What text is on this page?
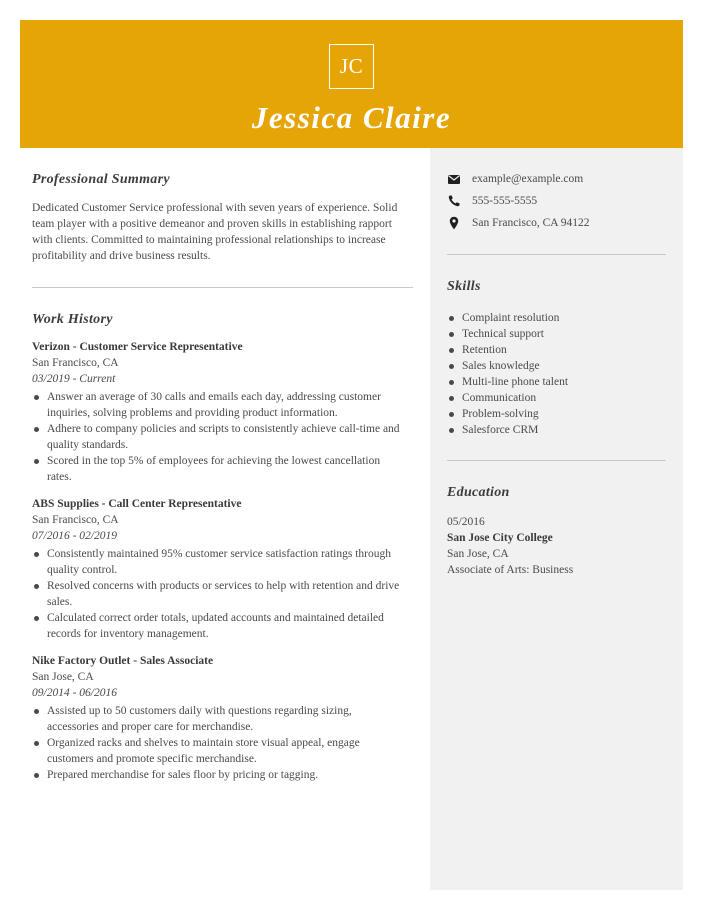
JC
Jessica Claire
example@example.com
555-555-5555
San Francisco, CA 94122
Skills
Complaint resolution
Technical support
Retention
Sales knowledge
Multi-line phone talent
Communication
Problem-solving
Salesforce CRM
Education
05/2016
San Jose City College
San Jose, CA
Associate of Arts: Business
Professional Summary
Dedicated Customer Service professional with seven years of experience. Solid team player with a positive demeanor and proven skills in establishing rapport with clients. Committed to maintaining professional relationships to increase profitability and drive business results.
Work History
Verizon - Customer Service Representative
San Francisco, CA
03/2019 - Current
Answer an average of 30 calls and emails each day, addressing customer inquiries, solving problems and providing product information.
Adhere to company policies and scripts to consistently achieve call-time and quality standards.
Scored in the top 5% of employees for achieving the lowest cancellation rates.
ABS Supplies - Call Center Representative
San Francisco, CA
07/2016 - 02/2019
Consistently maintained 95% customer service satisfaction ratings through quality control.
Resolved concerns with products or services to help with retention and drive sales.
Calculated correct order totals, updated accounts and maintained detailed records for inventory management.
Nike Factory Outlet - Sales Associate
San Jose, CA
09/2014 - 06/2016
Assisted up to 50 customers daily with questions regarding sizing, accessories and proper care for merchandise.
Organized racks and shelves to maintain store visual appeal, engage customers and promote specific merchandise.
Prepared merchandise for sales floor by pricing or tagging.
